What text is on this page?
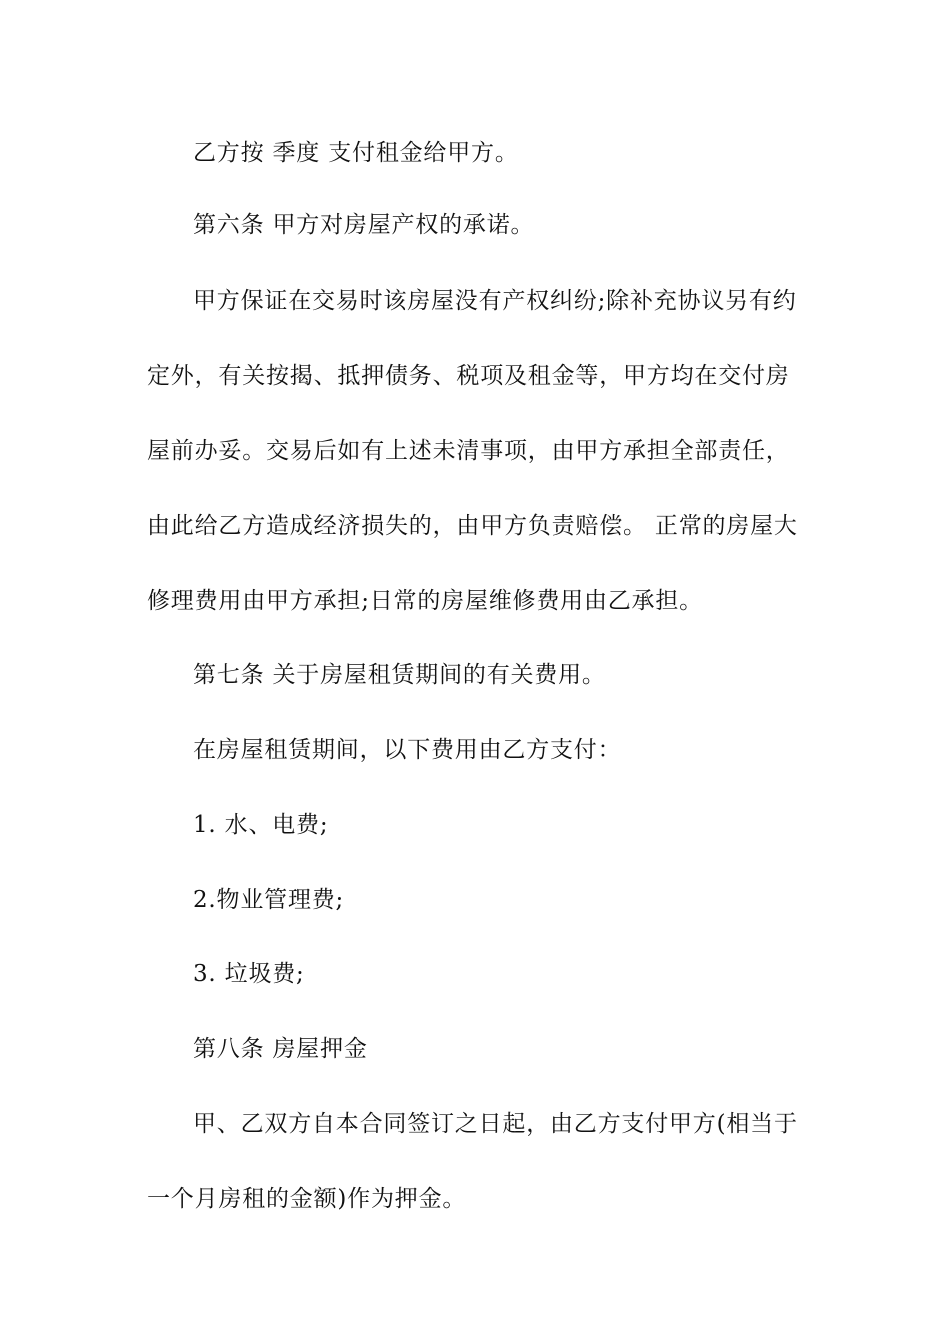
乙方按 季度 支付租金给甲方。
第六条 甲方对房屋产权的承诺。
甲方保证在交易时该房屋没有产权纠纷;除补充协议另有约
定外，有关按揭、抵押债务、税项及租金等，甲方均在交付房
屋前办妥。交易后如有上述未清事项，由甲方承担全部责任，
由此给乙方造成经济损失的，由甲方负责赔偿。 正常的房屋大
修理费用由甲方承担;日常的房屋维修费用由乙承担。
第七条 关于房屋租赁期间的有关费用。
在房屋租赁期间，以下费用由乙方支付：
1. 水、电费;
2.物业管理费;
3. 垃圾费;
第八条 房屋押金
甲、乙双方自本合同签订之日起，由乙方支付甲方(相当于
一个月房租的金额)作为押金。
